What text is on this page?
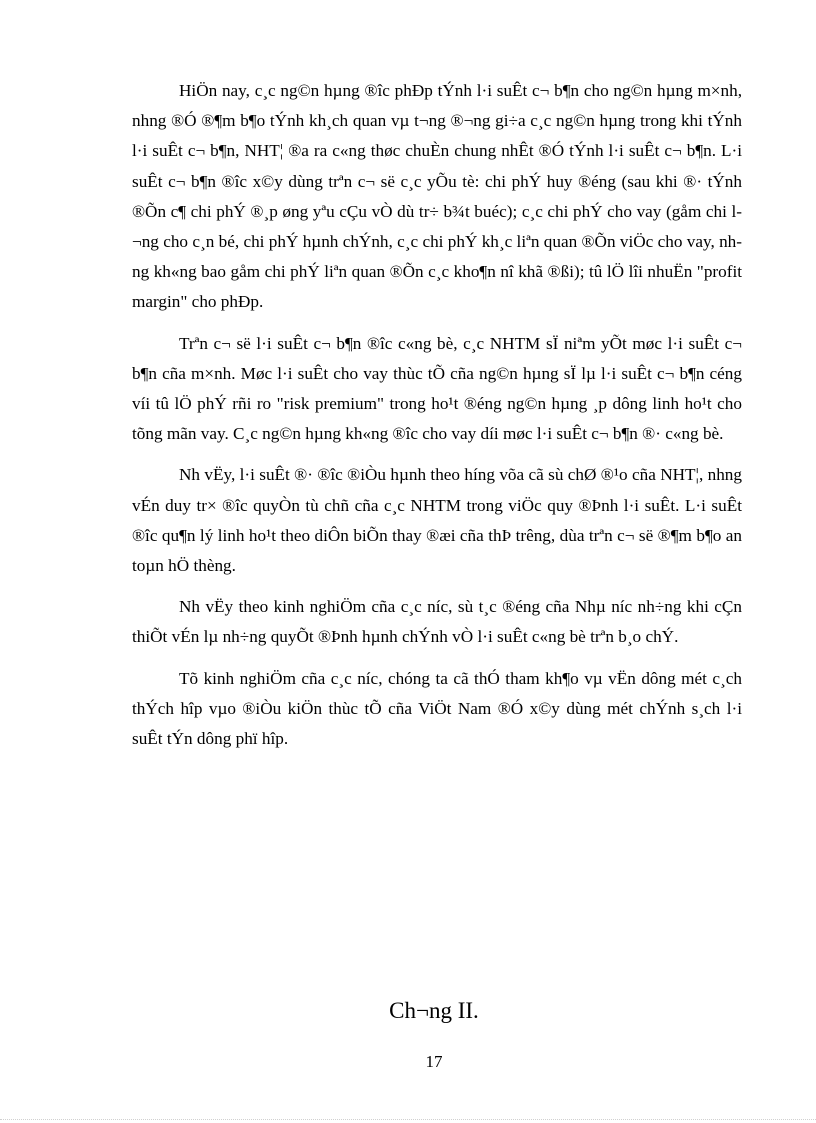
HiÖn nay, c¸c ng©n hµng ®îc phÐp tÝnh l·i suÊt c¬ b¶n cho ng©n hµng m×nh, nhng ®Ó ®¶m b¶o tÝnh kh¸ch quan vµ t¬ng ®¬ng gi÷a c¸c ng©n hµng trong khi tÝnh l·i suÊt c¬ b¶n, NHT¦ ®a ra c«ng thøc chuÈn chung nhÊt ®Ó tÝnh l·i suÊt c¬ b¶n. L·i suÊt c¬ b¶n ®îc x©y dùng trªn c¬ së c¸c yÕu tè: chi phÝ huy ®éng (sau khi ®· tÝnh ®Õn c¶ chi phÝ ®¸p øng yªu cÇu vÒ dù tr÷ b¾t buéc); c¸c chi phÝ cho vay (gåm chi l¬ng cho c¸n bé, chi phÝ hµnh chÝnh, c¸c chi phÝ kh¸c liªn quan ®Õn viÖc cho vay, nhng kh«ng bao gåm chi phÝ liªn quan ®Õn c¸c kho¶n nî khã ®ßi); tû lÖ lîi nhuËn "profit margin" cho phÐp.

Trªn c¬ së l·i suÊt c¬ b¶n ®îc c«ng bè, c¸c NHTM sÏ niªm yÕt møc l·i suÊt c¬ b¶n cña m×nh. Møc l·i suÊt cho vay thùc tÕ cña ng©n hµng sÏ lµ l·i suÊt c¬ b¶n céng víi tû lÖ phÝ rñi ro "risk premium" trong ho¹t ®éng ng©n hµng ¸p dông linh ho¹t cho tõng mãn vay. C¸c ng©n hµng kh«ng ®îc cho vay díi møc l·i suÊt c¬ b¶n ®· c«ng bè.

Nh vËy, l·i suÊt ®· ®îc ®iÒu hµnh theo híng võa cã sù chØ ®¹o cña NHT¦, nhng vÉn duy tr× ®îc quyÒn tù chñ cña c¸c NHTM trong viÖc quy ®Þnh l·i suÊt. L·i suÊt ®îc qu¶n lý linh ho¹t theo diÔn biÕn thay ®æi cña thÞ trêng, dùa trªn c¬ së ®¶m b¶o an toµn hÖ thèng.

Nh vËy theo kinh nghiÖm cña c¸c níc, sù t¸c ®éng cña Nhµ níc nh÷ng khi cÇn thiÕt vÉn lµ nh÷ng quyÕt ®Þnh hµnh chÝnh vÒ l·i suÊt c«ng bè trªn b¸o chÝ.

Tõ kinh nghiÖm cña c¸c níc, chóng ta cã thÓ tham kh¶o vµ vËn dông mét c¸ch thÝch hîp vµo ®iÒu kiÖn thùc tÕ cña ViÖt Nam ®Ó x©y dùng mét chÝnh s¸ch l·i suÊt tÝn dông phï hîp.

Ch¬ng II.
17
